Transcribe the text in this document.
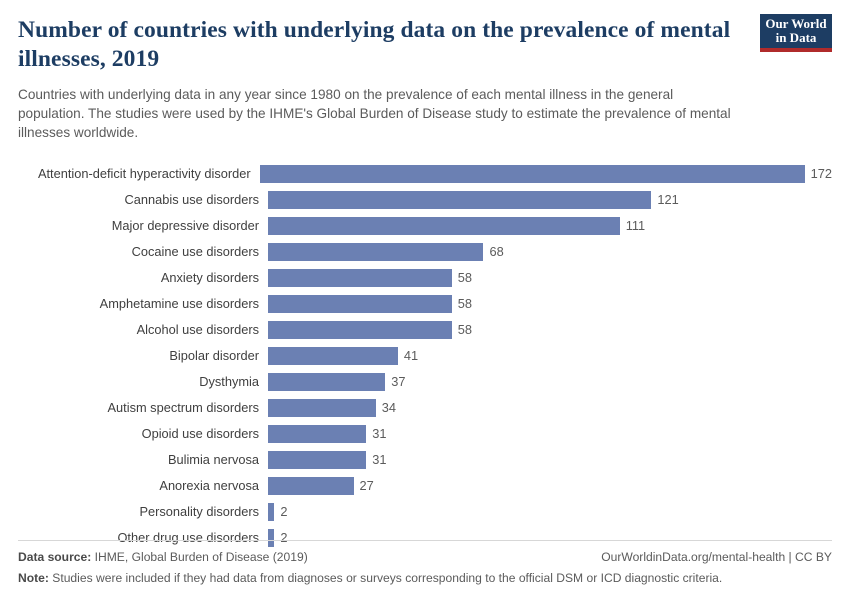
Number of countries with underlying data on the prevalence of mental illnesses, 2019

Countries with underlying data in any year since 1980 on the prevalence of each mental illness in the general population. The studies were used by the IHME's Global Burden of Disease study to estimate the prevalence of mental illnesses worldwide.

Our World
in Data
Attention-deficit hyperactivity disorder	172
Cannabis use disorders	121
Major depressive disorder	111
Cocaine use disorders	68
Anxiety disorders	58
Amphetamine use disorders	58
Alcohol use disorders	58
Bipolar disorder	41
Dysthymia	37
Autism spectrum disorders	34
Opioid use disorders	31
Bulimia nervosa	31
Anorexia nervosa	27
Personality disorders	2
Other drug use disorders	2
Data source: IHME, Global Burden of Disease (2019)	OurWorldinData.org/mental-health | CC BY
Note: Studies were included if they had data from diagnoses or surveys corresponding to the official DSM or ICD diagnostic criteria.
